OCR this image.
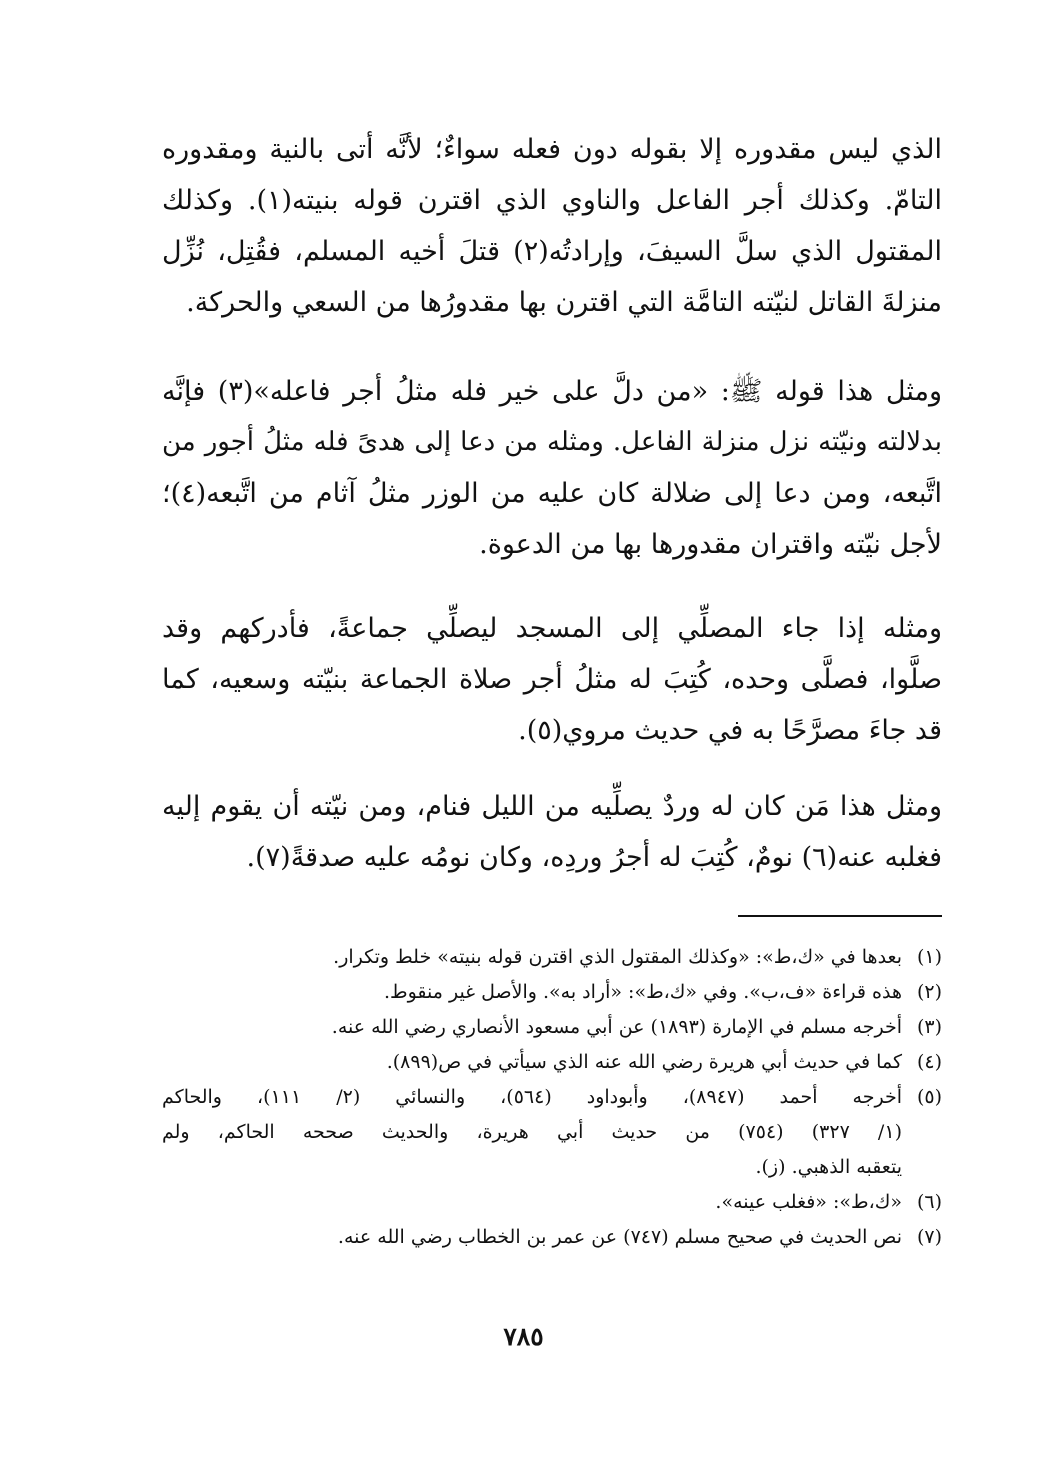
الذي ليس مقدوره إلا بقوله دون فعله سواءٌ؛ لأنَّه أتى بالنية ومقدوره
التامّ. وكذلك أجر الفاعل والناوي الذي اقترن قوله بنيته(١). وكذلك
المقتول الذي سلَّ السيفَ، وإرادتُه(٢) قتلَ أخيه المسلم، فقُتِل، نُزِّل
منزلةَ القاتل لنيّته التامَّة التي اقترن بها مقدورُها من السعي والحركة.
ومثل هذا قوله ﷺ: «من دلَّ على خير فله مثلُ أجر فاعله»(٣) فإنَّه
بدلالته ونيّته نزل منزلة الفاعل. ومثله من دعا إلى هدىً فله مثلُ أجور من
اتَّبعه، ومن دعا إلى ضلالة كان عليه من الوزر مثلُ آثام من اتَّبعه(٤)؛
لأجل نيّته واقتران مقدورها بها من الدعوة.
ومثله إذا جاء المصلِّي إلى المسجد ليصلِّي جماعةً، فأدركهم وقد
صلَّوا، فصلَّى وحده، كُتِبَ له مثلُ أجر صلاة الجماعة بنيّته وسعيه، كما
قد جاءَ مصرَّحًا به في حديث مروي(٥).
ومثل هذا مَن كان له وردٌ يصلِّيه من الليل فنام، ومن نيّته أن يقوم إليه
فغلبه عنه(٦) نومٌ، كُتِبَ له أجرُ وردِه، وكان نومُه عليه صدقةً(٧).
(١)
بعدها في «ك،ط»: «وكذلك المقتول الذي اقترن قوله بنيته» خلط وتكرار.
(٢)
هذه قراءة «ف،ب». وفي «ك،ط»: «أراد به». والأصل غير منقوط.
(٣)
أخرجه مسلم في الإمارة (١٨٩٣) عن أبي مسعود الأنصاري رضي الله عنه.
(٤)
كما في حديث أبي هريرة رضي الله عنه الذي سيأتي في ص(٨٩٩).
(٥)
أخرجه أحمد (٨٩٤٧)، وأبوداود (٥٦٤)، والنسائي (٢/ ١١١)، والحاكم
(١/ ٣٢٧) (٧٥٤) من حديث أبي هريرة، والحديث صححه الحاكم، ولم
يتعقبه الذهبي. (ز).
(٦)
«ك،ط»: «فغلب عينه».
(٧)
نص الحديث في صحيح مسلم (٧٤٧) عن عمر بن الخطاب رضي الله عنه.
٧٨٥
